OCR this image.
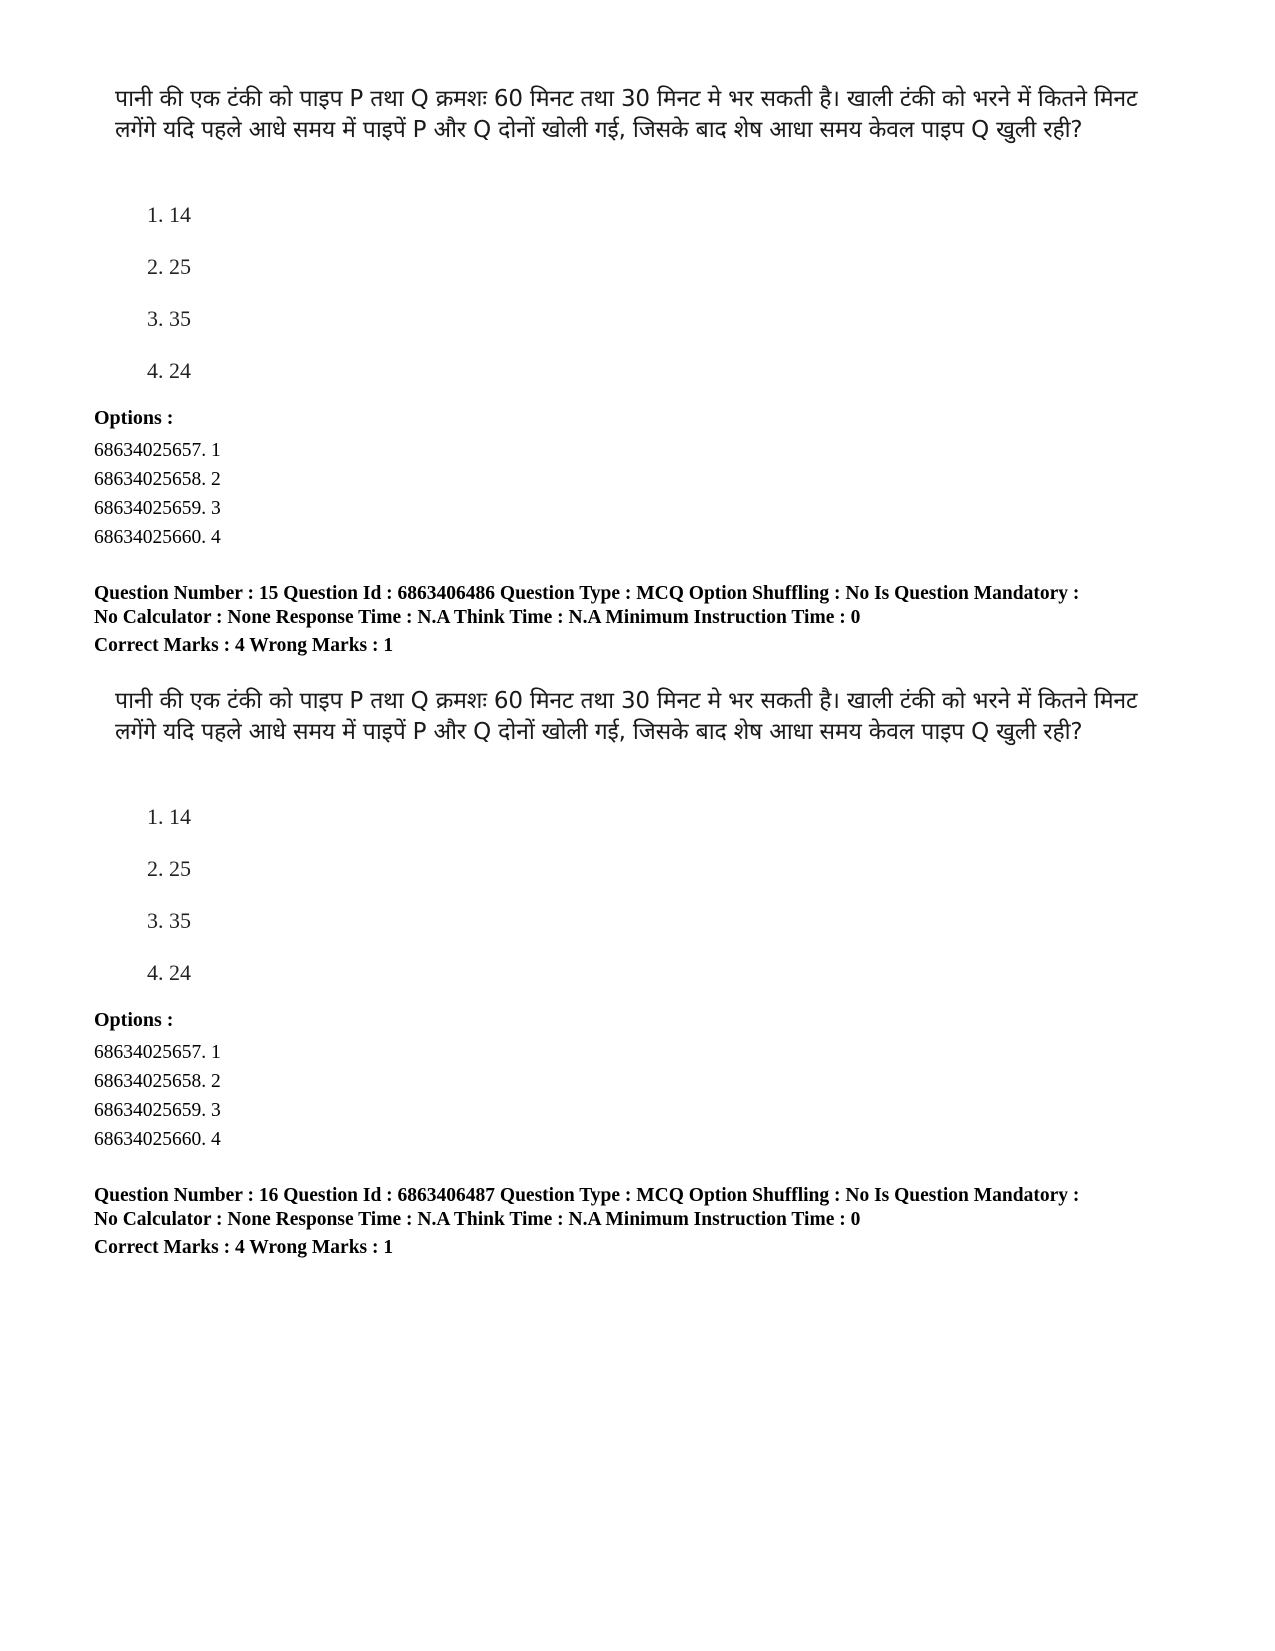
पानी की एक टंकी को पाइप P तथा Q क्रमशः 60 मिनट तथा 30 मिनट मे भर सकती है। खाली टंकी को भरने में कितने मिनट लगेंगे यदि पहले आधे समय में पाइपें P और Q दोनों खोली गई, जिसके बाद शेष आधा समय केवल पाइप Q खुली रही?

1. 14
2. 25
3. 35
4. 24

Options :

68634025657. 1

68634025658. 2

68634025659. 3

68634025660. 4

Question Number : 15 Question Id : 6863406486 Question Type : MCQ Option Shuffling : No Is Question Mandatory :

No Calculator : None Response Time : N.A Think Time : N.A Minimum Instruction Time : 0

Correct Marks : 4 Wrong Marks : 1

पानी की एक टंकी को पाइप P तथा Q क्रमशः 60 मिनट तथा 30 मिनट मे भर सकती है। खाली टंकी को भरने में कितने मिनट लगेंगे यदि पहले आधे समय में पाइपें P और Q दोनों खोली गई, जिसके बाद शेष आधा समय केवल पाइप Q खुली रही?

1. 14
2. 25
3. 35
4. 24

Options :

68634025657. 1

68634025658. 2

68634025659. 3

68634025660. 4

Question Number : 16 Question Id : 6863406487 Question Type : MCQ Option Shuffling : No Is Question Mandatory :

No Calculator : None Response Time : N.A Think Time : N.A Minimum Instruction Time : 0

Correct Marks : 4 Wrong Marks : 1
